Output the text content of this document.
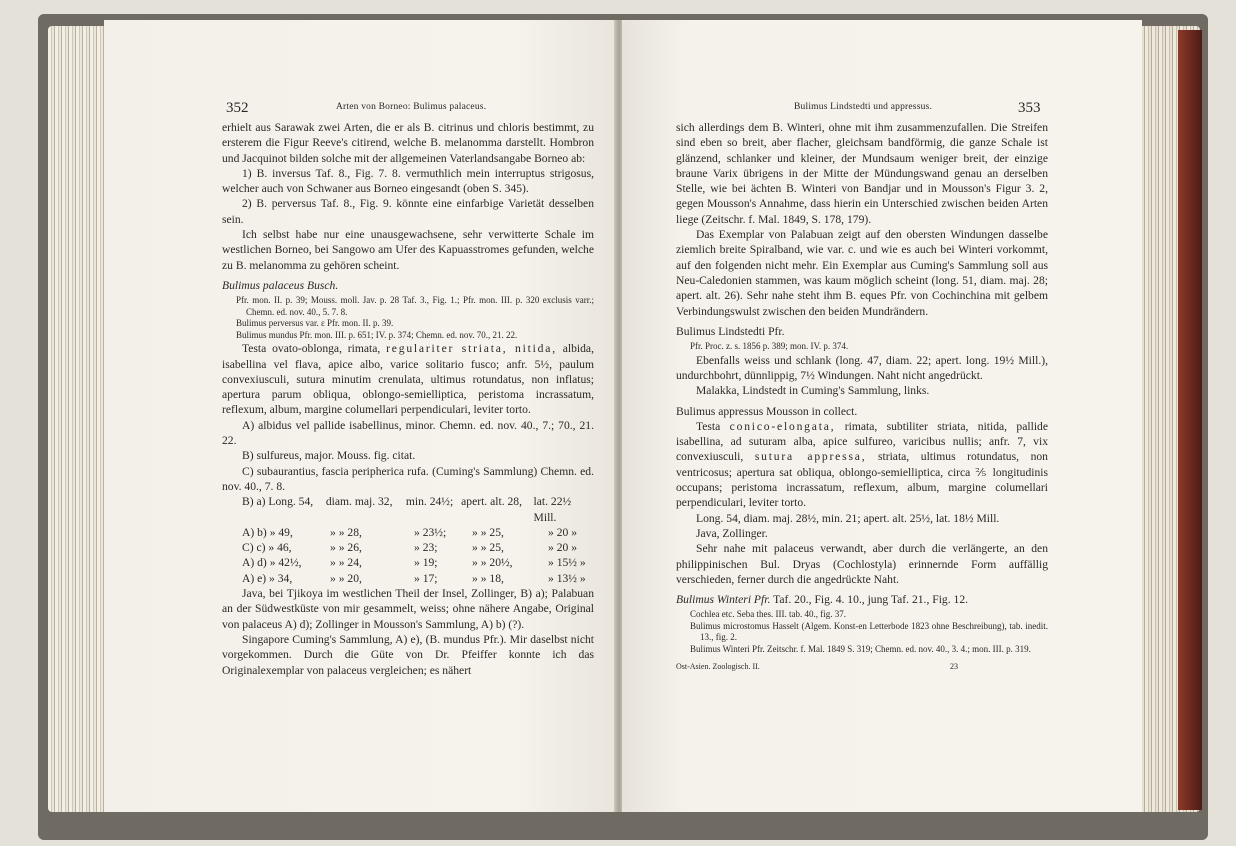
352	Arten von Borneo: Bulimus palaceus.

erhielt aus Sarawak zwei Arten, die er als B. citrinus und chloris bestimmt, zu ersterem die Figur Reeve's citirend, welche B. melanomma darstellt. Hombron und Jacquinot bilden solche mit der allgemeinen Vaterlandsangabe Borneo ab:

1) B. inversus Taf. 8., Fig. 7. 8. vermuthlich mein interruptus strigosus, welcher auch von Schwaner aus Borneo eingesandt (oben S. 345).

2) B. perversus Taf. 8., Fig. 9. könnte eine einfarbige Varietät desselben sein.

Ich selbst habe nur eine unausgewachsene, sehr verwitterte Schale im westlichen Borneo, bei Sangowo am Ufer des Kapuasstromes gefunden, welche zu B. melanomma zu gehören scheint.

Bulimus palaceus Busch.

Pfr. mon. II. p. 39; Mouss. moll. Jav. p. 28 Taf. 3., Fig. 1.; Pfr. mon. III. p. 320 exclusis varr.; Chemn. ed. nov. 40., 5. 7. 8.

Bulimus perversus var. ε Pfr. mon. II. p. 39.

Bulimus mundus Pfr. mon. III. p. 651; IV. p. 374; Chemn. ed. nov. 70., 21. 22.

Testa ovato-oblonga, rimata, regulariter striata, nitida, albida, isabellina vel flava, apice albo, varice solitario fusco; anfr. 5½, paulum convexiusculi, sutura minutim crenulata, ultimus rotundatus, non inflatus; apertura parum obliqua, oblongo-semielliptica, peristoma incrassatum, reflexum, album, margine columellari perpendiculari, leviter torto.

A) albidus vel pallide isabellinus, minor. Chemn. ed. nov. 40., 7.; 70., 21. 22.

B) sulfureus, major. Mouss. fig. citat.

C) subaurantius, fascia peripherica rufa. (Cuming's Sammlung) Chemn. ed. nov. 40., 7. 8.

B) a) Long. 54,	diam. maj. 32,	min. 24½; apert. alt. 28, lat. 22½ Mill.
A) b) » 49,	» » 28,	» 23½;	» » 25,	» 20 »
C) c) » 46,	» » 26,	» 23;	» » 25,	» 20 »
A) d) » 42½,	» » 24,	» 19;	» » 20½,	» 15½ »
A) e) » 34,	» » 20,	» 17;	» » 18,	» 13½ »

Java, bei Tjikoya im westlichen Theil der Insel, Zollinger, B) a); Palabuan an der Südwestküste von mir gesammelt, weiss; ohne nähere Angabe, Original von palaceus A) d); Zollinger in Mousson's Sammlung, A) b) (?).

Singapore Cuming's Sammlung, A) e), (B. mundus Pfr.). Mir daselbst nicht vorgekommen. Durch die Güte von Dr. Pfeiffer konnte ich das Originalexemplar von palaceus vergleichen; es nähert

Bulimus Lindstedti und appressus.	353

sich allerdings dem B. Winteri, ohne mit ihm zusammenzufallen. Die Streifen sind eben so breit, aber flacher, gleichsam bandförmig, die ganze Schale ist glänzend, schlanker und kleiner, der Mundsaum weniger breit, der einzige braune Varix übrigens in der Mitte der Mündungswand genau an derselben Stelle, wie bei ächten B. Winteri von Bandjar und in Mousson's Figur 3. 2, gegen Mousson's Annahme, dass hierin ein Unterschied zwischen beiden Arten liege (Zeitschr. f. Mal. 1849, S. 178, 179).

Das Exemplar von Palabuan zeigt auf den obersten Windungen dasselbe ziemlich breite Spiralband, wie var. c. und wie es auch bei Winteri vorkommt, auf den folgenden nicht mehr. Ein Exemplar aus Cuming's Sammlung soll aus Neu-Caledonien stammen, was kaum möglich scheint (long. 51, diam. maj. 28; apert. alt. 26). Sehr nahe steht ihm B. eques Pfr. von Cochinchina mit gelbem Verbindungswulst zwischen den beiden Mundrändern.

Bulimus Lindstedti Pfr.

Pfr. Proc. z. s. 1856 p. 389; mon. IV. p. 374.

Ebenfalls weiss und schlank (long. 47, diam. 22; apert. long. 19½ Mill.), undurchbohrt, dünnlippig, 7½ Windungen. Naht nicht angedrückt.

Malakka, Lindstedt in Cuming's Sammlung, links.

Bulimus appressus Mousson in collect.

Testa conico-elongata, rimata, subtiliter striata, nitida, pallide isabellina, ad suturam alba, apice sulfureo, varicibus nullis; anfr. 7, vix convexiusculi, sutura appressa, striata, ultimus rotundatus, non ventricosus; apertura sat obliqua, oblongo-semielliptica, circa ⅖ longitudinis occupans; peristoma incrassatum, reflexum, album, margine columellari perpendiculari, leviter torto.

Long. 54, diam. maj. 28½, min. 21; apert. alt. 25½, lat. 18½ Mill.

Java, Zollinger.

Sehr nahe mit palaceus verwandt, aber durch die verlängerte, an den philippinischen Bul. Dryas (Cochlostyla) erinnernde Form auffällig verschieden, ferner durch die angedrückte Naht.

Bulimus Winteri Pfr. Taf. 20., Fig. 4. 10., jung Taf. 21., Fig. 12.

Cochlea etc. Seba thes. III. tab. 40., fig. 37.

Bulimus microstomus Hasselt (Algem. Konst-en Letterbode 1823 ohne Beschreibung), tab. inedit. 13., fig. 2.

Bulimus Winteri Pfr. Zeitschr. f. Mal. 1849 S. 319; Chemn. ed. nov. 40., 3. 4.; mon. III. p. 319.

Ost-Asien. Zoologisch. II.	23
